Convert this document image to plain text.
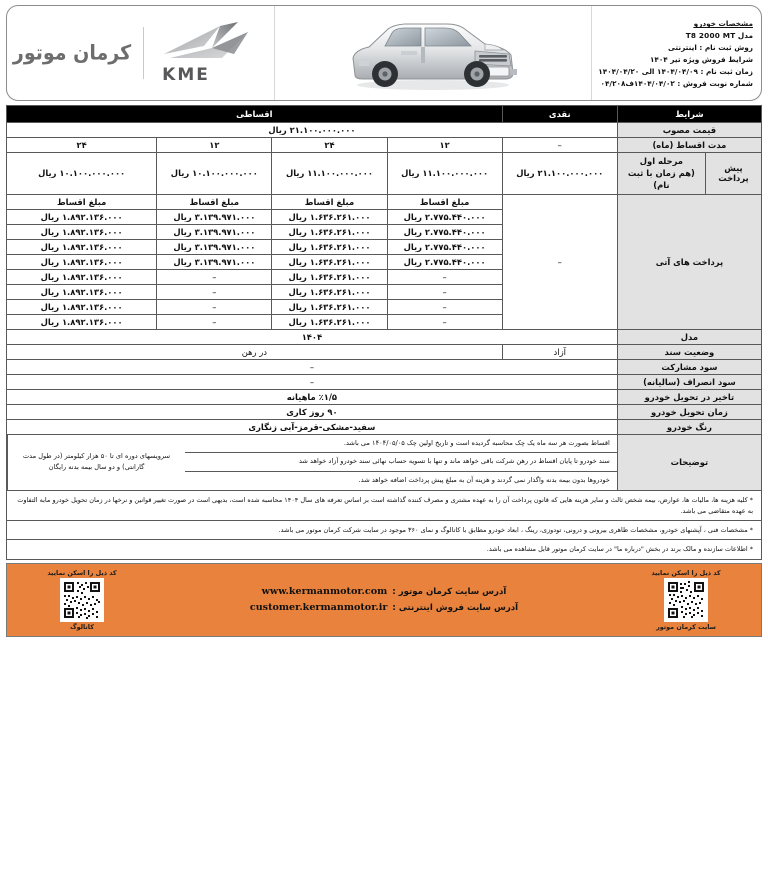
مشخصات خودرو
مدل T8 2000 MT
روش ثبت نام : اینترنتی
شرایط فروش ویژه تیر ۱۴۰۴
زمان ثبت نام : ۱۴۰۴/۰۴/۰۹ الی ۱۴۰۴/۰۴/۲۰
شماره نوبت فروش : ۱۴۰۴/۰۴/۰۲ف۰۴/۲۰۸
کرمان موتور
KME
شرایط		نقدی	اقساطی			
قیمت مصوب		۲۱.۱۰۰.۰۰۰.۰۰۰ ریال				
مدت اقساط (ماه)		–	۱۲	۲۴	۱۲	۲۴
پیش پرداخت	مرحله اول
(هم زمان با ثبت نام)	۲۱.۱۰۰.۰۰۰.۰۰۰ ریال	۱۱.۱۰۰.۰۰۰.۰۰۰ ریال	۱۱.۱۰۰.۰۰۰.۰۰۰ ریال	۱۰.۱۰۰.۰۰۰.۰۰۰ ریال	۱۰.۱۰۰.۰۰۰.۰۰۰ ریال
پرداخت های آتی		–	مبلغ اقساط	مبلغ اقساط	مبلغ اقساط	مبلغ اقساط
			۲.۷۷۵.۴۴۰.۰۰۰ ریال	۱.۶۳۶.۲۶۱.۰۰۰ ریال	۳.۱۳۹.۹۷۱.۰۰۰ ریال	۱.۸۹۲.۱۳۶.۰۰۰ ریال
			۲.۷۷۵.۴۴۰.۰۰۰ ریال	۱.۶۳۶.۲۶۱.۰۰۰ ریال	۳.۱۳۹.۹۷۱.۰۰۰ ریال	۱.۸۹۲.۱۳۶.۰۰۰ ریال
			۲.۷۷۵.۴۴۰.۰۰۰ ریال	۱.۶۳۶.۲۶۱.۰۰۰ ریال	۳.۱۳۹.۹۷۱.۰۰۰ ریال	۱.۸۹۲.۱۳۶.۰۰۰ ریال
			۲.۷۷۵.۴۴۰.۰۰۰ ریال	۱.۶۳۶.۲۶۱.۰۰۰ ریال	۳.۱۳۹.۹۷۱.۰۰۰ ریال	۱.۸۹۲.۱۳۶.۰۰۰ ریال
			–	۱.۶۳۶.۲۶۱.۰۰۰ ریال	–	۱.۸۹۲.۱۳۶.۰۰۰ ریال
			–	۱.۶۳۶.۲۶۱.۰۰۰ ریال	–	۱.۸۹۲.۱۳۶.۰۰۰ ریال
			–	۱.۶۳۶.۲۶۱.۰۰۰ ریال	–	۱.۸۹۲.۱۳۶.۰۰۰ ریال
			–	۱.۶۳۶.۲۶۱.۰۰۰ ریال	–	۱.۸۹۲.۱۳۶.۰۰۰ ریال
مدل		۱۴۰۴				
وضعیت سند		آزاد	در رهن			
سود مشارکت		–				
سود انصراف (سالیانه)		–				
تاخیر در تحویل خودرو		٪۱/۵ ماهیانه				
زمان تحویل خودرو		۹۰ روز کاری				
رنگ خودرو		سفید-مشکی-قرمز-آبی زنگاری				
توضیحات		اقساط بصورت هر سه ماه یک چک محاسبه گردیده است و تاریخ اولین چک ۱۴۰۴/۰۵/۰۵ می باشد.
سند خودرو تا پایان اقساط در رهن شرکت باقی خواهد ماند و تنها با تسویه حساب نهائی سند خودرو آزاد خواهد شد
خودروها بدون بیمه بدنه واگذار نمی گردند و هزینه آن به مبلغ پیش پرداخت اضافه خواهد شد.
سرویسهای دوره ای تا ۵۰ هزار کیلومتر (در طول مدت گارانتی) و دو سال بیمه بدنه رایگان				

* کلیه هزینه ها، مالیات ها، عوارض، بیمه شخص ثالث و سایر هزینه هایی که قانون پرداخت آن را به عهده مشتری و مصرف کننده گذاشته است بر اساس تعرفه های سال ۱۴۰۴ محاسبه شده است، بدیهی است در صورت تغییر قوانین و نرخها در زمان تحویل خودرو مابه التفاوت به عهده متقاضی می باشد.
* مشخصات فنی ، آپشنهای خودرو، مشخصات ظاهری بیرونی و درونی، تودوزی، رینگ ، ابعاد خودرو مطابق با کاتالوگ و نمای ۳۶۰ موجود در سایت شرکت کرمان موتور می باشد.
* اطلاعات سازنده و مالک برند در بخش "درباره ما" در سایت کرمان موتور قابل مشاهده می باشد.						
کد ذیل را اسکن نمایید
سایت کرمان موتور
آدرس سایت کرمان موتور :
www.kermanmotor.com
آدرس سایت فروش اینترنتی :
customer.kermanmotor.ir
کد ذیل را اسکن نمایید
کاتالوگ
